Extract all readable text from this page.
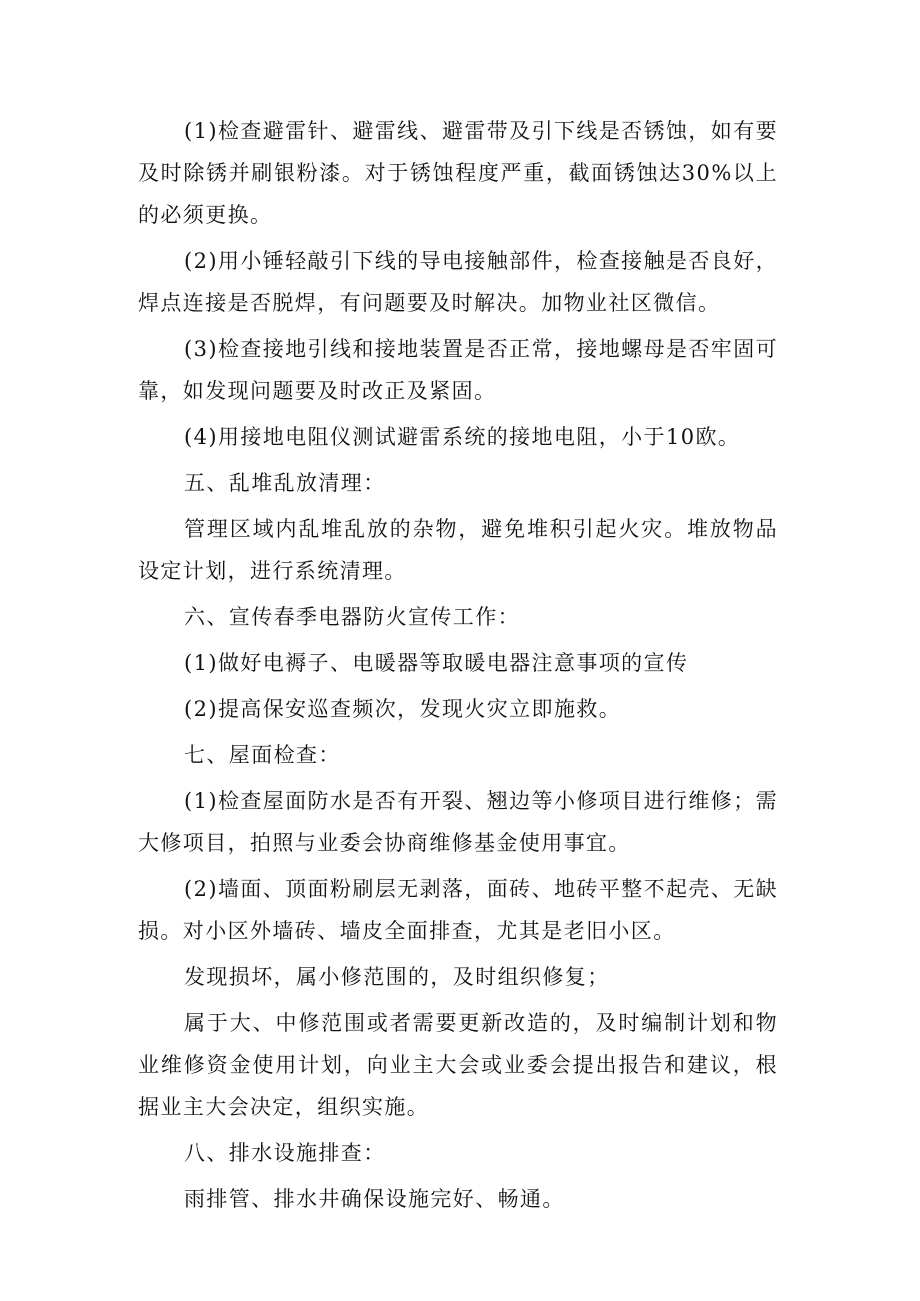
(1)检查避雷针、避雷线、避雷带及引下线是否锈蚀，如有要及时除锈并刷银粉漆。对于锈蚀程度严重，截面锈蚀达30%以上的必须更换。

(2)用小锤轻敲引下线的导电接触部件，检查接触是否良好，焊点连接是否脱焊，有问题要及时解决。加物业社区微信。

(3)检查接地引线和接地装置是否正常，接地螺母是否牢固可靠，如发现问题要及时改正及紧固。

(4)用接地电阻仪测试避雷系统的接地电阻，小于10欧。

五、乱堆乱放清理：

管理区域内乱堆乱放的杂物，避免堆积引起火灾。堆放物品设定计划，进行系统清理。

六、宣传春季电器防火宣传工作：

(1)做好电褥子、电暖器等取暖电器注意事项的宣传

(2)提高保安巡查频次，发现火灾立即施救。

七、屋面检查：

(1)检查屋面防水是否有开裂、翘边等小修项目进行维修；需大修项目，拍照与业委会协商维修基金使用事宜。

(2)墙面、顶面粉刷层无剥落，面砖、地砖平整不起壳、无缺损。对小区外墙砖、墙皮全面排查，尤其是老旧小区。

发现损坏，属小修范围的，及时组织修复；

属于大、中修范围或者需要更新改造的，及时编制计划和物业维修资金使用计划，向业主大会或业委会提出报告和建议，根据业主大会决定，组织实施。

八、排水设施排查：

雨排管、排水井确保设施完好、畅通。
